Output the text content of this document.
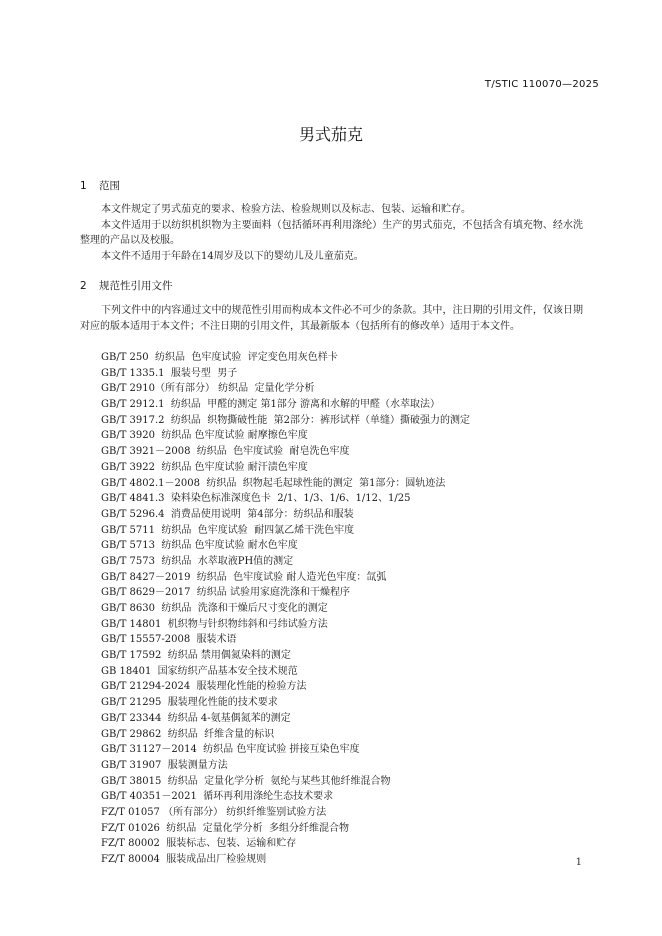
T/STIC 110070—2025
男式茄克
1 范围
本文件规定了男式茄克的要求、检验方法、检验规则以及标志、包装、运输和贮存。
本文件适用于以纺织机织物为主要面料（包括循环再利用涤纶）生产的男式茄克，不包括含有填充物、经水洗整理的产品以及校服。
本文件不适用于年龄在14周岁及以下的婴幼儿及儿童茄克。
2 规范性引用文件
下列文件中的内容通过文中的规范性引用而构成本文件必不可少的条款。其中，注日期的引用文件，仅该日期对应的版本适用于本文件；不注日期的引用文件，其最新版本（包括所有的修改单）适用于本文件。
GB/T 250  纺织品  色牢度试验  评定变色用灰色样卡
GB/T 1335.1  服装号型  男子
GB/T 2910（所有部分） 纺织品  定量化学分析
GB/T 2912.1  纺织品  甲醛的测定 第1部分 游离和水解的甲醛（水萃取法）
GB/T 3917.2  纺织品  织物撕破性能  第2部分：裤形试样（单缝）撕破强力的测定
GB/T 3920  纺织品 色牢度试验 耐摩擦色牢度
GB/T 3921－2008  纺织品  色牢度试验  耐皂洗色牢度
GB/T 3922  纺织品 色牢度试验 耐汗渍色牢度
GB/T 4802.1－2008  纺织品  织物起毛起球性能的测定  第1部分：圆轨迹法
GB/T 4841.3  染料染色标准深度色卡  2/1、1/3、1/6、1/12、1/25
GB/T 5296.4  消费品使用说明  第4部分：纺织品和服装
GB/T 5711  纺织品  色牢度试验  耐四氯乙烯干洗色牢度
GB/T 5713  纺织品 色牢度试验 耐水色牢度
GB/T 7573  纺织品  水萃取液PH值的测定
GB/T 8427－2019  纺织品  色牢度试验 耐人造光色牢度：氙弧
GB/T 8629－2017  纺织品 试验用家庭洗涤和干燥程序
GB/T 8630  纺织品  洗涤和干燥后尺寸变化的测定
GB/T 14801  机织物与针织物纬斜和弓纬试验方法
GB/T 15557-2008  服装术语
GB/T 17592  纺织品 禁用偶氮染料的测定
GB 18401  国家纺织产品基本安全技术规范
GB/T 21294-2024  服装理化性能的检验方法
GB/T 21295  服装理化性能的技术要求
GB/T 23344  纺织品 4-氨基偶氮苯的测定
GB/T 29862  纺织品  纤维含量的标识
GB/T 31127－2014  纺织品 色牢度试验 拼接互染色牢度
GB/T 31907  服装测量方法
GB/T 38015  纺织品  定量化学分析  氨纶与某些其他纤维混合物
GB/T 40351－2021  循环再利用涤纶生态技术要求
FZ/T 01057 （所有部分） 纺织纤维鉴别试验方法
FZ/T 01026  纺织品  定量化学分析  多组分纤维混合物
FZ/T 80002  服装标志、包装、运输和贮存
FZ/T 80004  服装成品出厂检验规则	1
